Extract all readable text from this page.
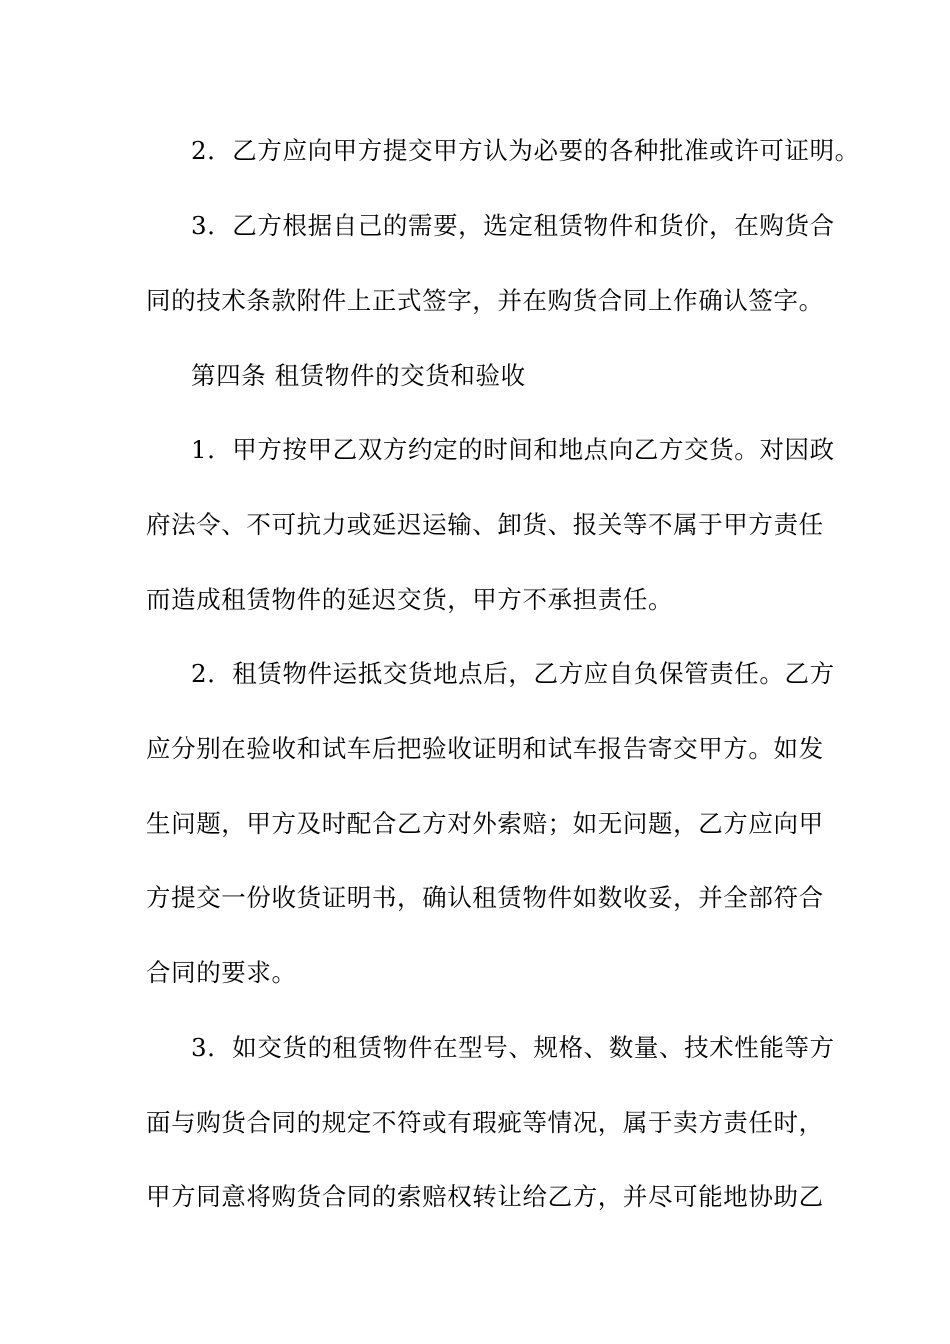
2．乙方应向甲方提交甲方认为必要的各种批准或许可证明。
3．乙方根据自己的需要，选定租赁物件和货价，在购货合
同的技术条款附件上正式签字，并在购货合同上作确认签字。
第四条 租赁物件的交货和验收
1．甲方按甲乙双方约定的时间和地点向乙方交货。对因政
府法令、不可抗力或延迟运输、卸货、报关等不属于甲方责任
而造成租赁物件的延迟交货，甲方不承担责任。
2．租赁物件运抵交货地点后，乙方应自负保管责任。乙方
应分别在验收和试车后把验收证明和试车报告寄交甲方。如发
生问题，甲方及时配合乙方对外索赔；如无问题，乙方应向甲
方提交一份收货证明书，确认租赁物件如数收妥，并全部符合
合同的要求。
3．如交货的租赁物件在型号、规格、数量、技术性能等方
面与购货合同的规定不符或有瑕疵等情况，属于卖方责任时，
甲方同意将购货合同的索赔权转让给乙方，并尽可能地协助乙
